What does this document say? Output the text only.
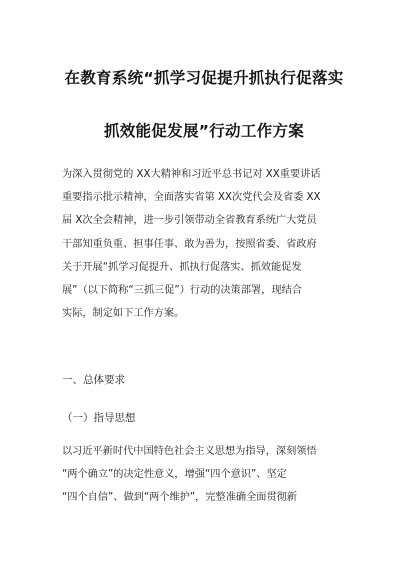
在教育系统“抓学习促提升抓执行促落实
抓效能促发展”行动工作方案
为深入贯彻党的 XX大精神和习近平总书记对 XX重要讲话
重要指示批示精神，全面落实省第 XX次党代会及省委 XX
届 X次全会精神，进一步引领带动全省教育系统广大党员
干部知重负重、担事任事、敢为善为，按照省委、省政府
关于开展“抓学习促提升、抓执行促落实、抓效能促发
展”（以下简称“三抓三促”）行动的决策部署，现结合
实际，制定如下工作方案。
一、总体要求
（一）指导思想
以习近平新时代中国特色社会主义思想为指导，深刻领悟
“两个确立”的决定性意义，增强“四个意识”、坚定
“四个自信”、做到“两个维护”，完整准确全面贯彻新
